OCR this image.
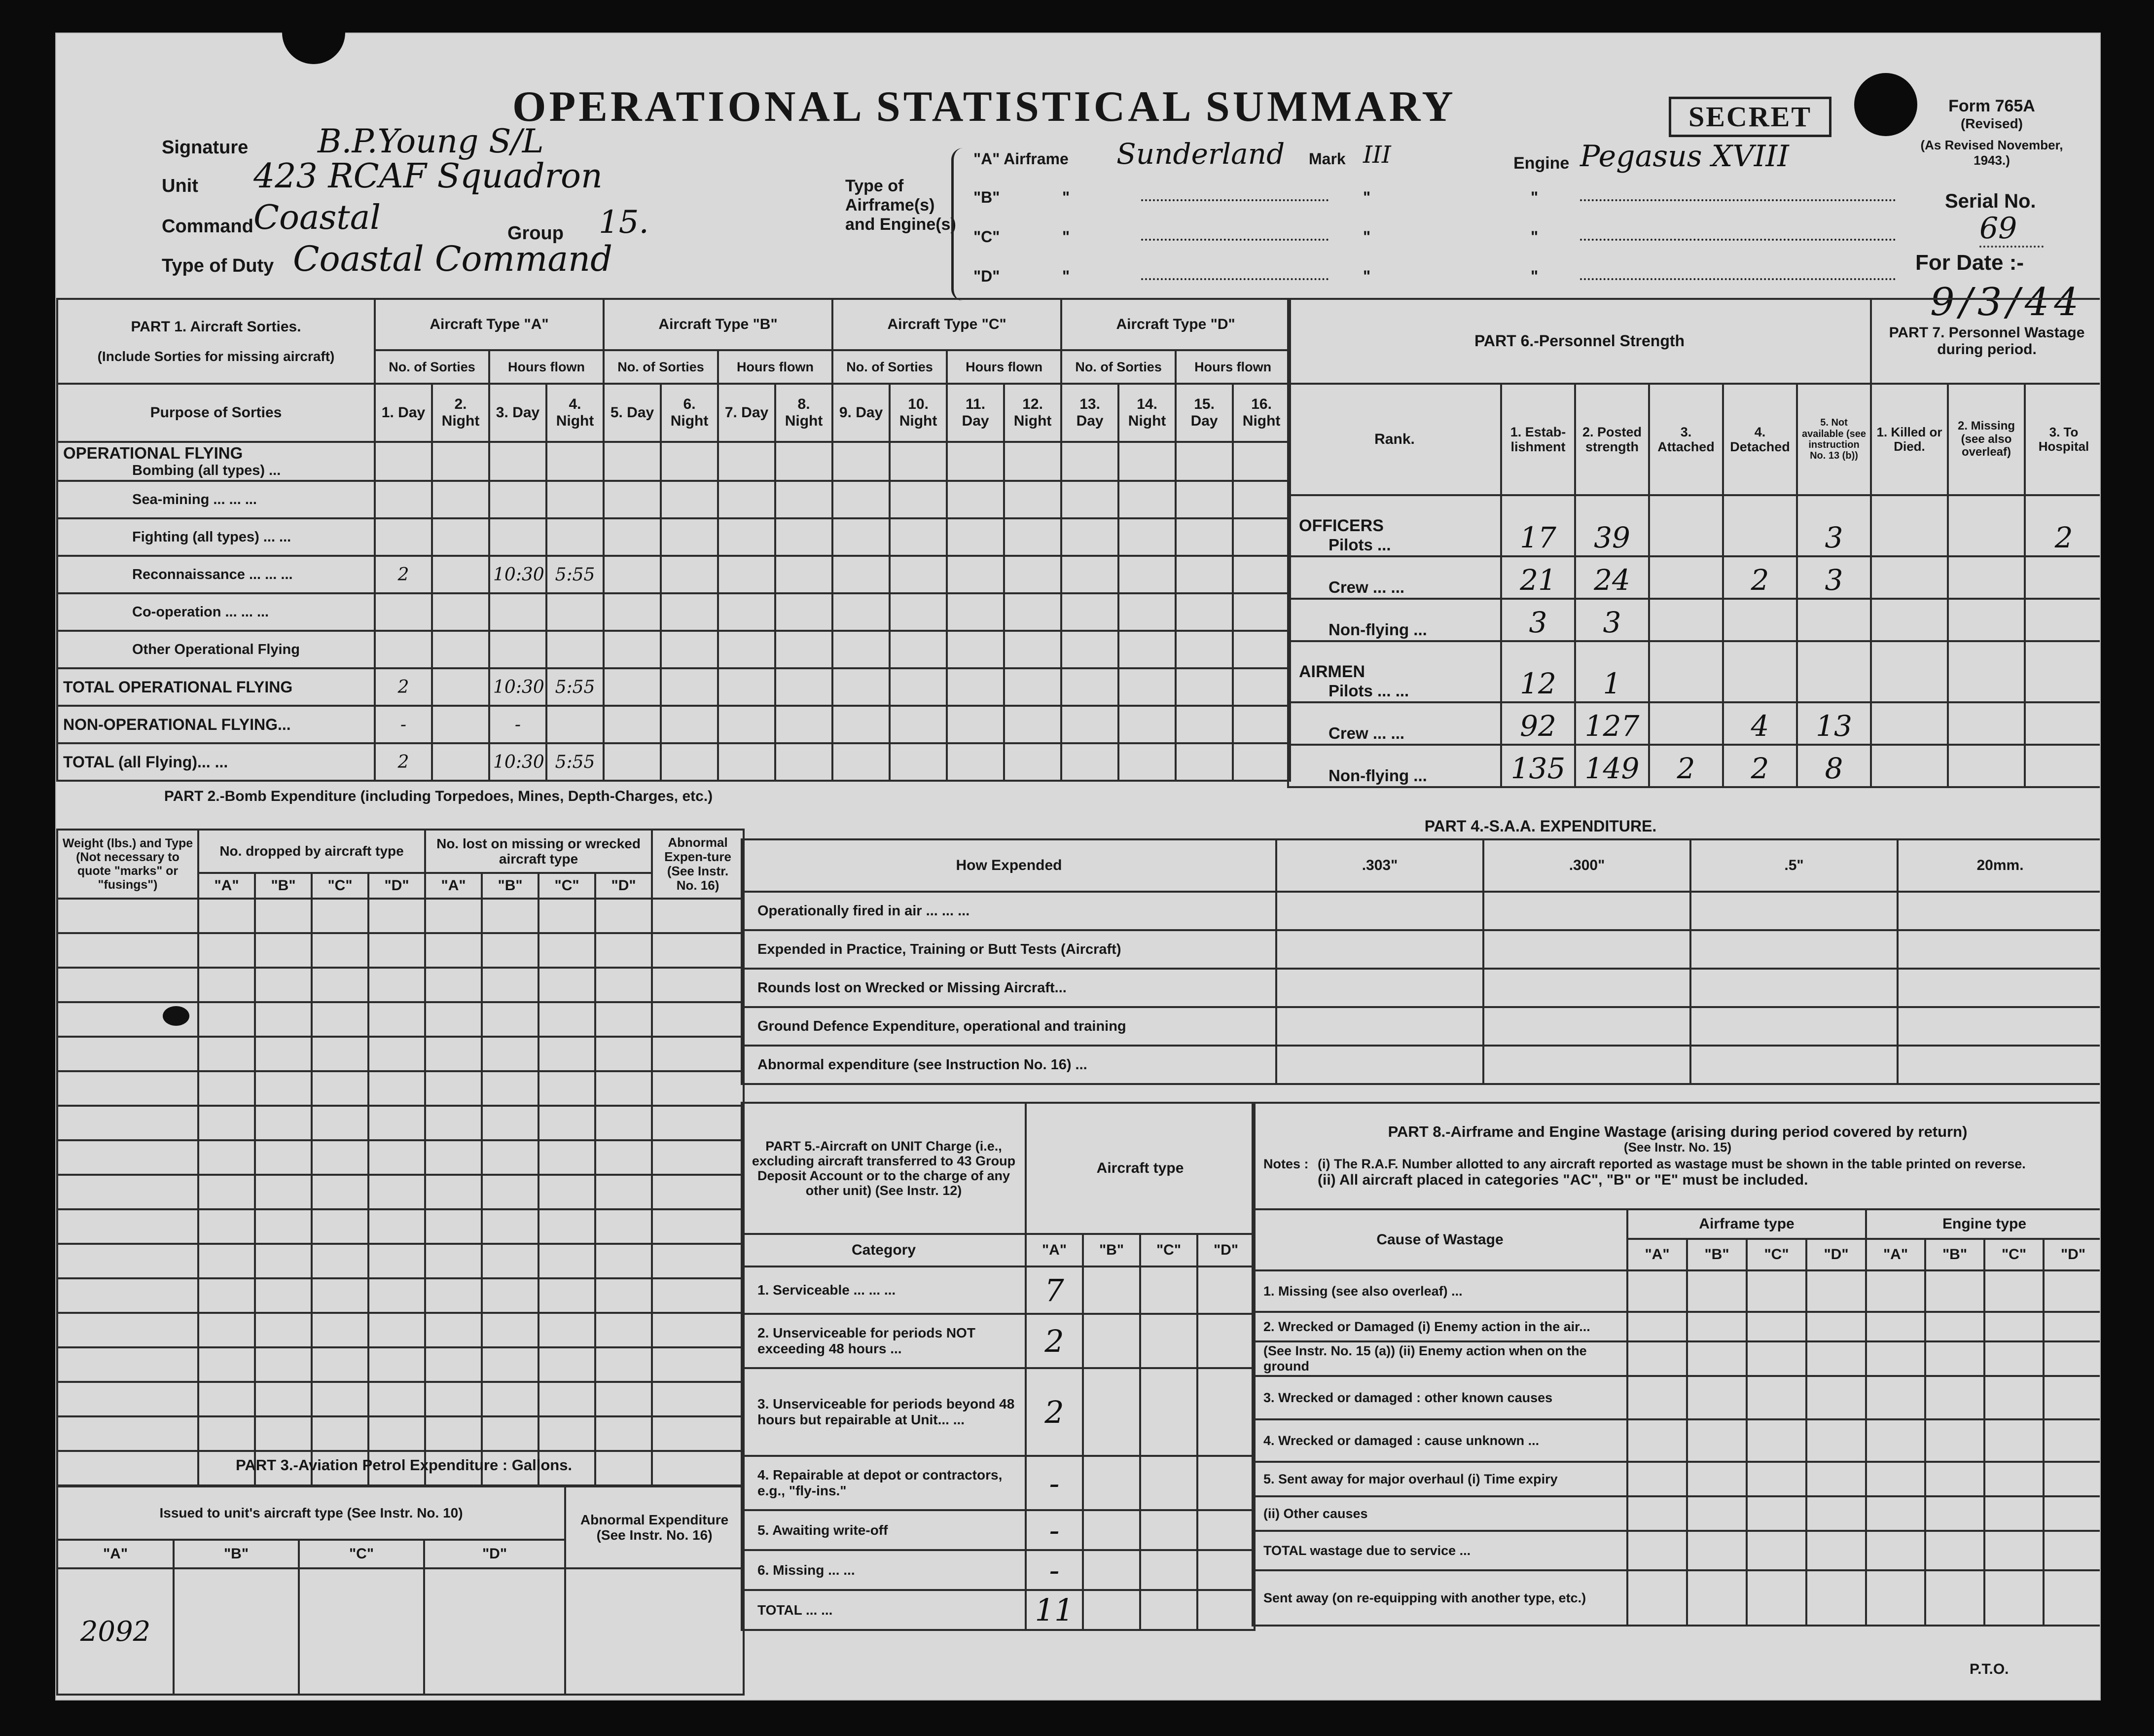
OPERATIONAL STATISTICAL SUMMARY	SECRET	Form 765A
(Revised)
(As Revised November, 1943.)
Serial No.
69
For Date :-
9/3/44
Signature B.P.Young S/L
Unit 423 RCAF Squadron
Command Coastal	Group 15.
Type of Duty Coastal Command
Type of Airframe(s) and Engine(s)
"A" Airframe Sunderland Mark III	Engine Pegasus XVIII
"B"	"	"	"
"C"	"	"	"
"D"	"	"	"
PART 1. Aircraft Sorties.
(Include Sorties for missing aircraft)	Aircraft Type "A"				Aircraft Type "B"				Aircraft Type "C"				Aircraft Type "D"			
	No. of Sorties		Hours flown		No. of Sorties		Hours flown		No. of Sorties		Hours flown		No. of Sorties		Hours flown	
Purpose of Sorties	1. Day	2. Night	3. Day	4. Night	5. Day	6. Night	7. Day	8. Night	9. Day	10. Night	11. Day	12. Night	13. Day	14. Night	15. Day	16. Night

OPERATIONAL FLYING
Bombing (all types) ...																
Sea-mining ... ... ...																
Fighting (all types) ... ...																
Reconnaissance ... ... ...	2		10:30	5:55												
Co-operation ... ... ...																
Other Operational Flying																
TOTAL OPERATIONAL FLYING	2		10:30	5:55												
NON-OPERATIONAL FLYING...	-		-													
TOTAL (all Flying)... ...	2		10:30	5:55												
PART 6.-Personnel Strength						PART 7. Personnel Wastage during period.		
Rank.	1. Estab-lishment	2. Posted strength	3. Attached	4. Detached	5. Not available (see instruction No. 13 (b))	1. Killed or Died.	2. Missing (see also overleaf)	3. To Hospital

OFFICERS
Pilots ...	17	39			3			2
Crew ... ...	21	24		2	3			
Non-flying ...	3	3						

AIRMEN
Pilots ... ...	12	1						
Crew ... ...	92	127		4	13			
Non-flying ...	135	149	2	2	8			
PART 2.-Bomb Expenditure (including Torpedoes, Mines, Depth-Charges, etc.)
Weight (lbs.) and Type (Not necessary to quote "marks" or "fusings")	No. dropped by aircraft type				No. lost on missing or wrecked aircraft type				Abnormal Expen-ture (See Instr. No. 16)
	"A"	"B"	"C"	"D"	"A"	"B"	"C"	"D"	

PART 3.-Aviation Petrol Expenditure : Gallons.
Issued to unit's aircraft type (See Instr. No. 10)				Abnormal Expenditure (See Instr. No. 16)
"A"	"B"	"C"	"D"	
2092				
PART 4.-S.A.A. EXPENDITURE.
How Expended	.303"	.300"	.5"	20mm.
Operationally fired in air ... ... ...				
Expended in Practice, Training or Butt Tests (Aircraft)				
Rounds lost on Wrecked or Missing Aircraft...				
Ground Defence Expenditure, operational and training				
Abnormal expenditure (see Instruction No. 16) ...				
PART 5.-Aircraft on UNIT Charge (i.e., excluding aircraft transferred to 43 Group Deposit Account or to the charge of any other unit) (See Instr. 12)	Aircraft type			
Category	"A"	"B"	"C"	"D"
1. Serviceable ... ... ...	7			
2. Unserviceable for periods NOT exceeding 48 hours ...	2			
3. Unserviceable for periods beyond 48 hours but repairable at Unit... ...	2			
4. Repairable at depot or contractors, e.g., "fly-ins."	-			
5. Awaiting write-off	-			
6. Missing ... ...	-			
TOTAL ... ...	11			
PART 8.-Airframe and Engine Wastage (arising during period covered by return)
(See Instr. No. 15)
Notes : (i) The R.A.F. Number allotted to any aircraft reported as wastage must be shown in the table printed on reverse.
(ii) All aircraft placed in categories "AC", "B" or "E" must be included.								

Cause of Wastage	Airframe type				Engine type			
	"A"	"B"	"C"	"D"	"A"	"B"	"C"	"D"
1. Missing (see also overleaf) ...								
2. Wrecked or Damaged (i) Enemy action in the air...								
(See Instr. No. 15 (a)) (ii) Enemy action when on the ground								
3. Wrecked or damaged : other known causes								
4. Wrecked or damaged : cause unknown ...								
5. Sent away for major overhaul (i) Time expiry								
(ii) Other causes								
TOTAL wastage due to service ...								
Sent away (on re-equipping with another type, etc.)								
P.T.O.
